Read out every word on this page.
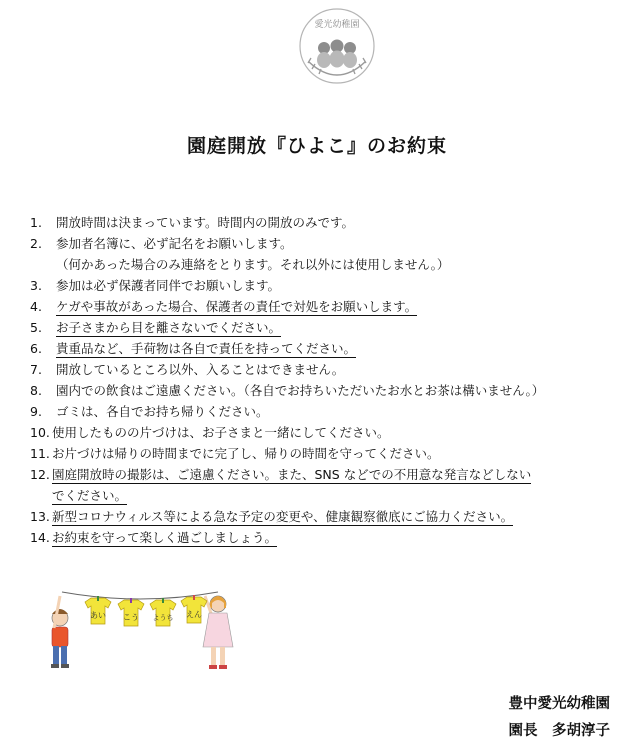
愛光幼稚園
園庭開放『ひよこ』のお約束
1. 開放時間は決まっています。時間内の開放のみです。
2. 参加者名簿に、必ず記名をお願いします。
（何かあった場合のみ連絡をとります。それ以外には使用しません。）
3. 参加は必ず保護者同伴でお願いします。
4. ケガや事故があった場合、保護者の責任で対処をお願いします。
5. お子さまから目を離さないでください。
6. 貴重品など、手荷物は各自で責任を持ってください。
7. 開放しているところ以外、入ることはできません。
8. 園内での飲食はご遠慮ください。（各自でお持ちいただいたお水とお茶は構いません。）
9. ゴミは、各自でお持ち帰りください。
10. 使用したものの片づけは、お子さまと一緒にしてください。
11. お片づけは帰りの時間までに完了し、帰りの時間を守ってください。
12. 園庭開放時の撮影は、ご遠慮ください。また、SNS などでの不用意な発言などしない
でください。
13. 新型コロナウィルス等による急な予定の変更や、健康観察徹底にご協力ください。
14. お約束を守って楽しく過ごしましょう。
あい こう ようち えん
豊中愛光幼稚園
園長　多胡淳子
